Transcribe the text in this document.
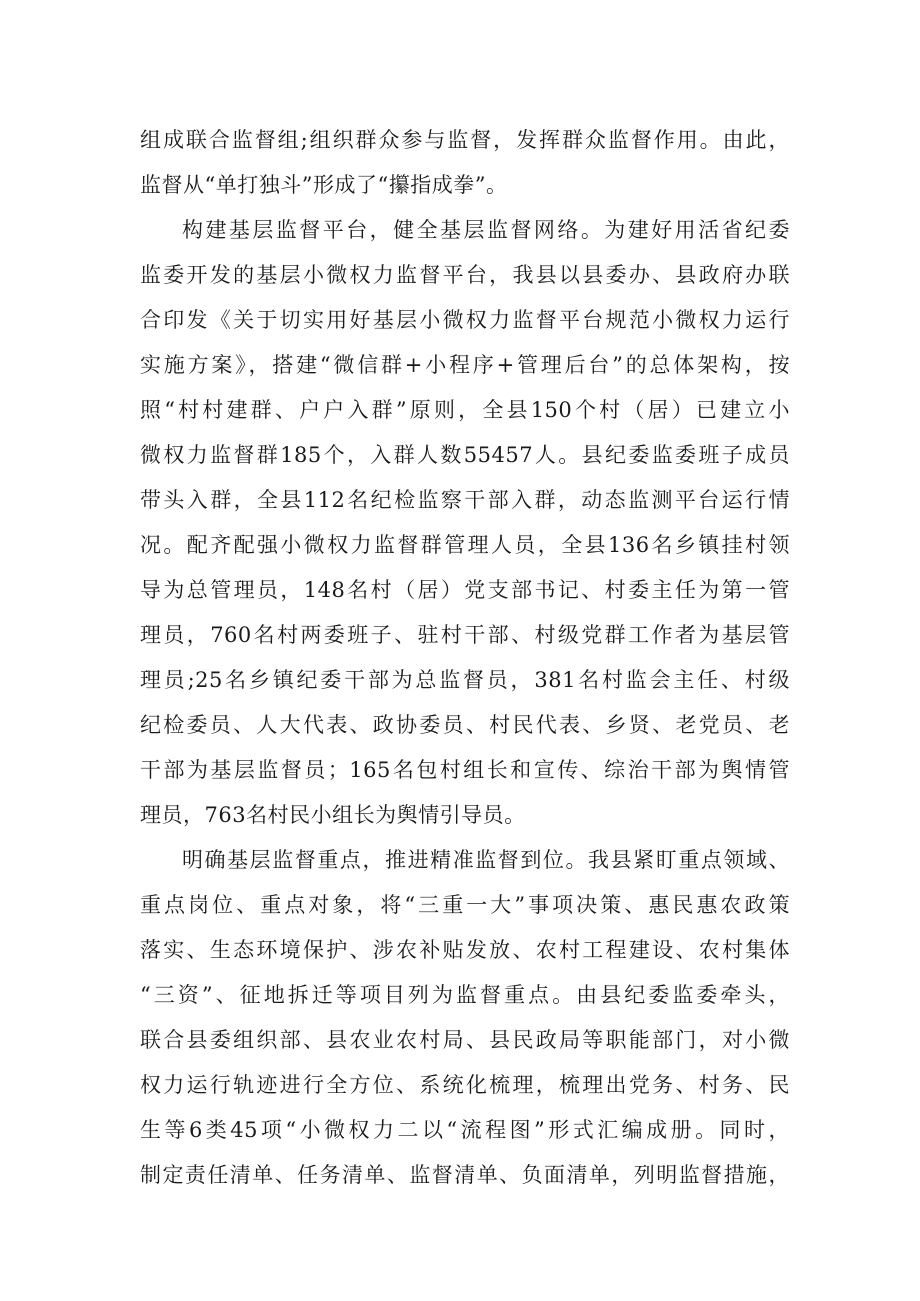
组成联合监督组;组织群众参与监督，发挥群众监督作用。由此，
监督从“单打独斗”形成了“攥指成拳”。
构建基层监督平台，健全基层监督网络。为建好用活省纪委
监委开发的基层小微权力监督平台，我县以县委办、县政府办联
合印发《关于切实用好基层小微权力监督平台规范小微权力运行
实施方案》，搭建“微信群+小程序+管理后台”的总体架构，按
照“村村建群、户户入群”原则，全县150个村（居）已建立小
微权力监督群185个，入群人数55457人。县纪委监委班子成员
带头入群，全县112名纪检监察干部入群，动态监测平台运行情
况。配齐配强小微权力监督群管理人员，全县136名乡镇挂村领
导为总管理员，148名村（居）党支部书记、村委主任为第一管
理员，760名村两委班子、驻村干部、村级党群工作者为基层管
理员;25名乡镇纪委干部为总监督员，381名村监会主任、村级
纪检委员、人大代表、政协委员、村民代表、乡贤、老党员、老
干部为基层监督员；165名包村组长和宣传、综治干部为舆情管
理员，763名村民小组长为舆情引导员。
明确基层监督重点，推进精准监督到位。我县紧盯重点领域、
重点岗位、重点对象，将“三重一大”事项决策、惠民惠农政策
落实、生态环境保护、涉农补贴发放、农村工程建设、农村集体
“三资”、征地拆迁等项目列为监督重点。由县纪委监委牵头，
联合县委组织部、县农业农村局、县民政局等职能部门，对小微
权力运行轨迹进行全方位、系统化梳理，梳理出党务、村务、民
生等6类45项“小微权力二以“流程图”形式汇编成册。同时，
制定责任清单、任务清单、监督清单、负面清单，列明监督措施，
